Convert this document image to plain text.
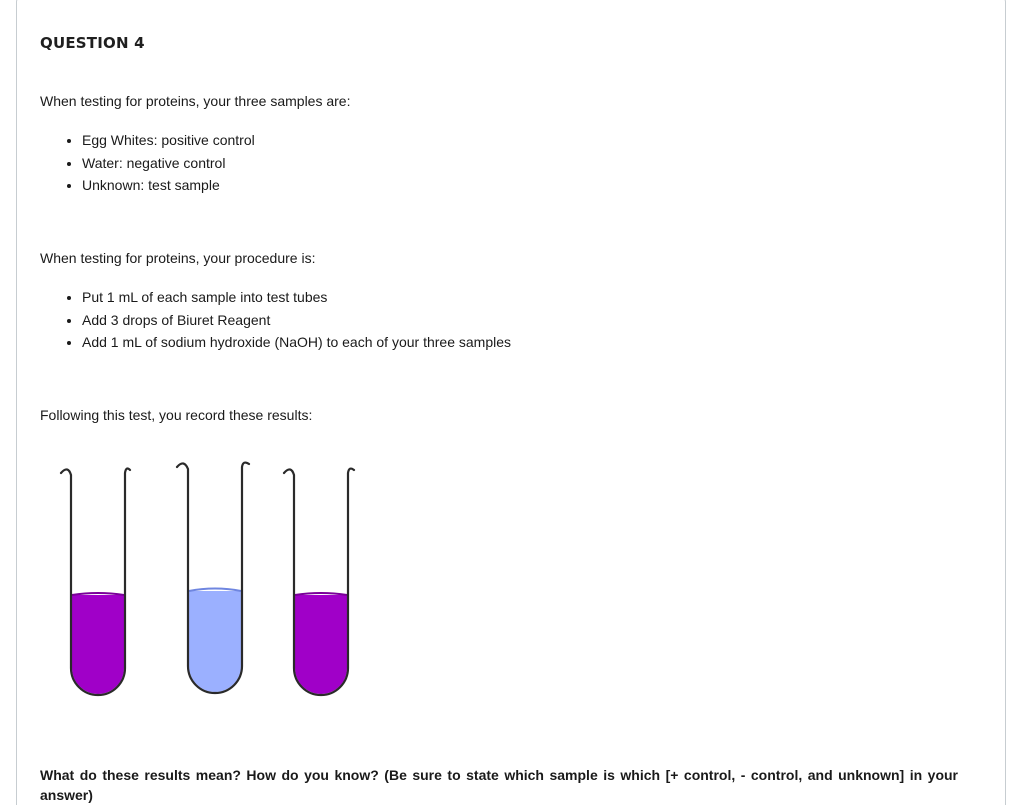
QUESTION 4
When testing for proteins, your three samples are:
• Egg Whites: positive control
• Water: negative control
• Unknown: test sample
When testing for proteins, your procedure is:
• Put 1 mL of each sample into test tubes
• Add 3 drops of Biuret Reagent
• Add 1 mL of sodium hydroxide (NaOH) to each of your three samples
Following this test, you record these results:
What do these results mean? How do you know? (Be sure to state which sample is which [+ control, - control, and unknown] in your answer)
